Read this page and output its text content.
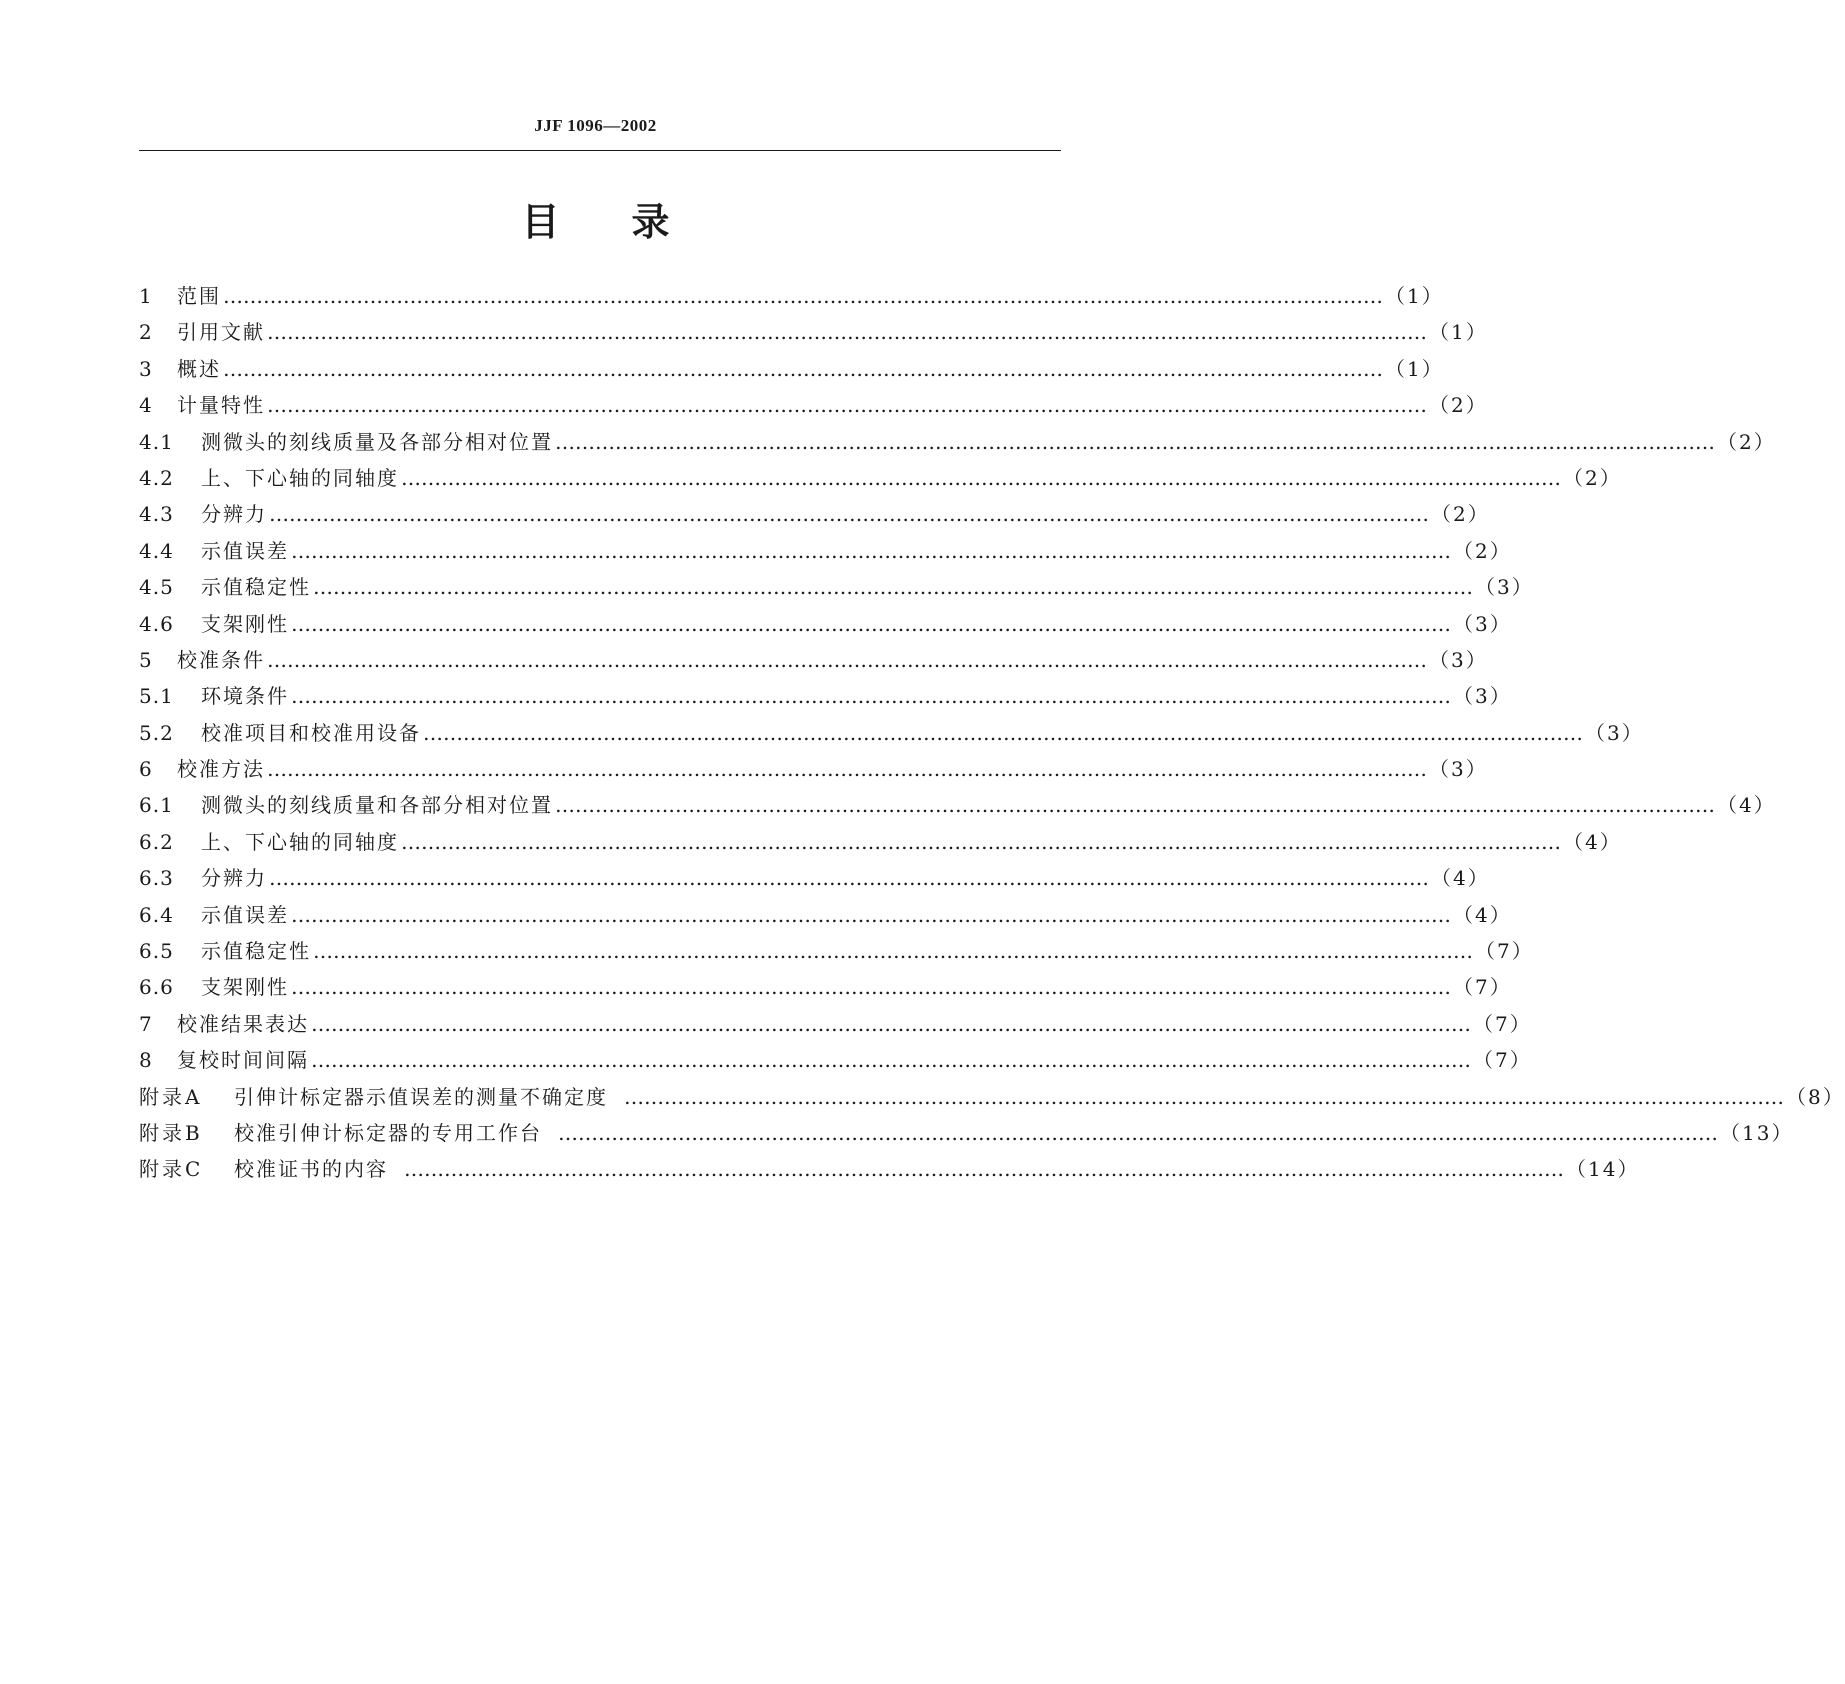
JJF 1096—2002
目 录
1	范围 …………………………………………………………………………………………………………………………………………………………	（1）
2	引用文献 …………………………………………………………………………………………………………………………………………………………	（1）
3	概述 …………………………………………………………………………………………………………………………………………………………	（1）
4	计量特性 …………………………………………………………………………………………………………………………………………………………	（2）
4.1	测微头的刻线质量及各部分相对位置 …………………………………………………………………………………………………………………………………………………………	（2）
4.2	上、下心轴的同轴度 …………………………………………………………………………………………………………………………………………………………	（2）
4.3	分辨力 …………………………………………………………………………………………………………………………………………………………	（2）
4.4	示值误差 …………………………………………………………………………………………………………………………………………………………	（2）
4.5	示值稳定性 …………………………………………………………………………………………………………………………………………………………	（3）
4.6	支架刚性 …………………………………………………………………………………………………………………………………………………………	（3）
5	校准条件 …………………………………………………………………………………………………………………………………………………………	（3）
5.1	环境条件 …………………………………………………………………………………………………………………………………………………………	（3）
5.2	校准项目和校准用设备 …………………………………………………………………………………………………………………………………………………………	（3）
6	校准方法 …………………………………………………………………………………………………………………………………………………………	（3）
6.1	测微头的刻线质量和各部分相对位置 …………………………………………………………………………………………………………………………………………………………	（4）
6.2	上、下心轴的同轴度 …………………………………………………………………………………………………………………………………………………………	（4）
6.3	分辨力 …………………………………………………………………………………………………………………………………………………………	（4）
6.4	示值误差 …………………………………………………………………………………………………………………………………………………………	（4）
6.5	示值稳定性 …………………………………………………………………………………………………………………………………………………………	（7）
6.6	支架刚性 …………………………………………………………………………………………………………………………………………………………	（7）
7	校准结果表达 …………………………………………………………………………………………………………………………………………………………	（7）
8	复校时间间隔 …………………………………………………………………………………………………………………………………………………………	（7）
附录A	引伸计标定器示值误差的测量不确定度 …………………………………………………………………………………………………………………………………………………………	（8）
附录B	校准引伸计标定器的专用工作台 …………………………………………………………………………………………………………………………………………………………	（13）
附录C	校准证书的内容 …………………………………………………………………………………………………………………………………………………………	（14）
